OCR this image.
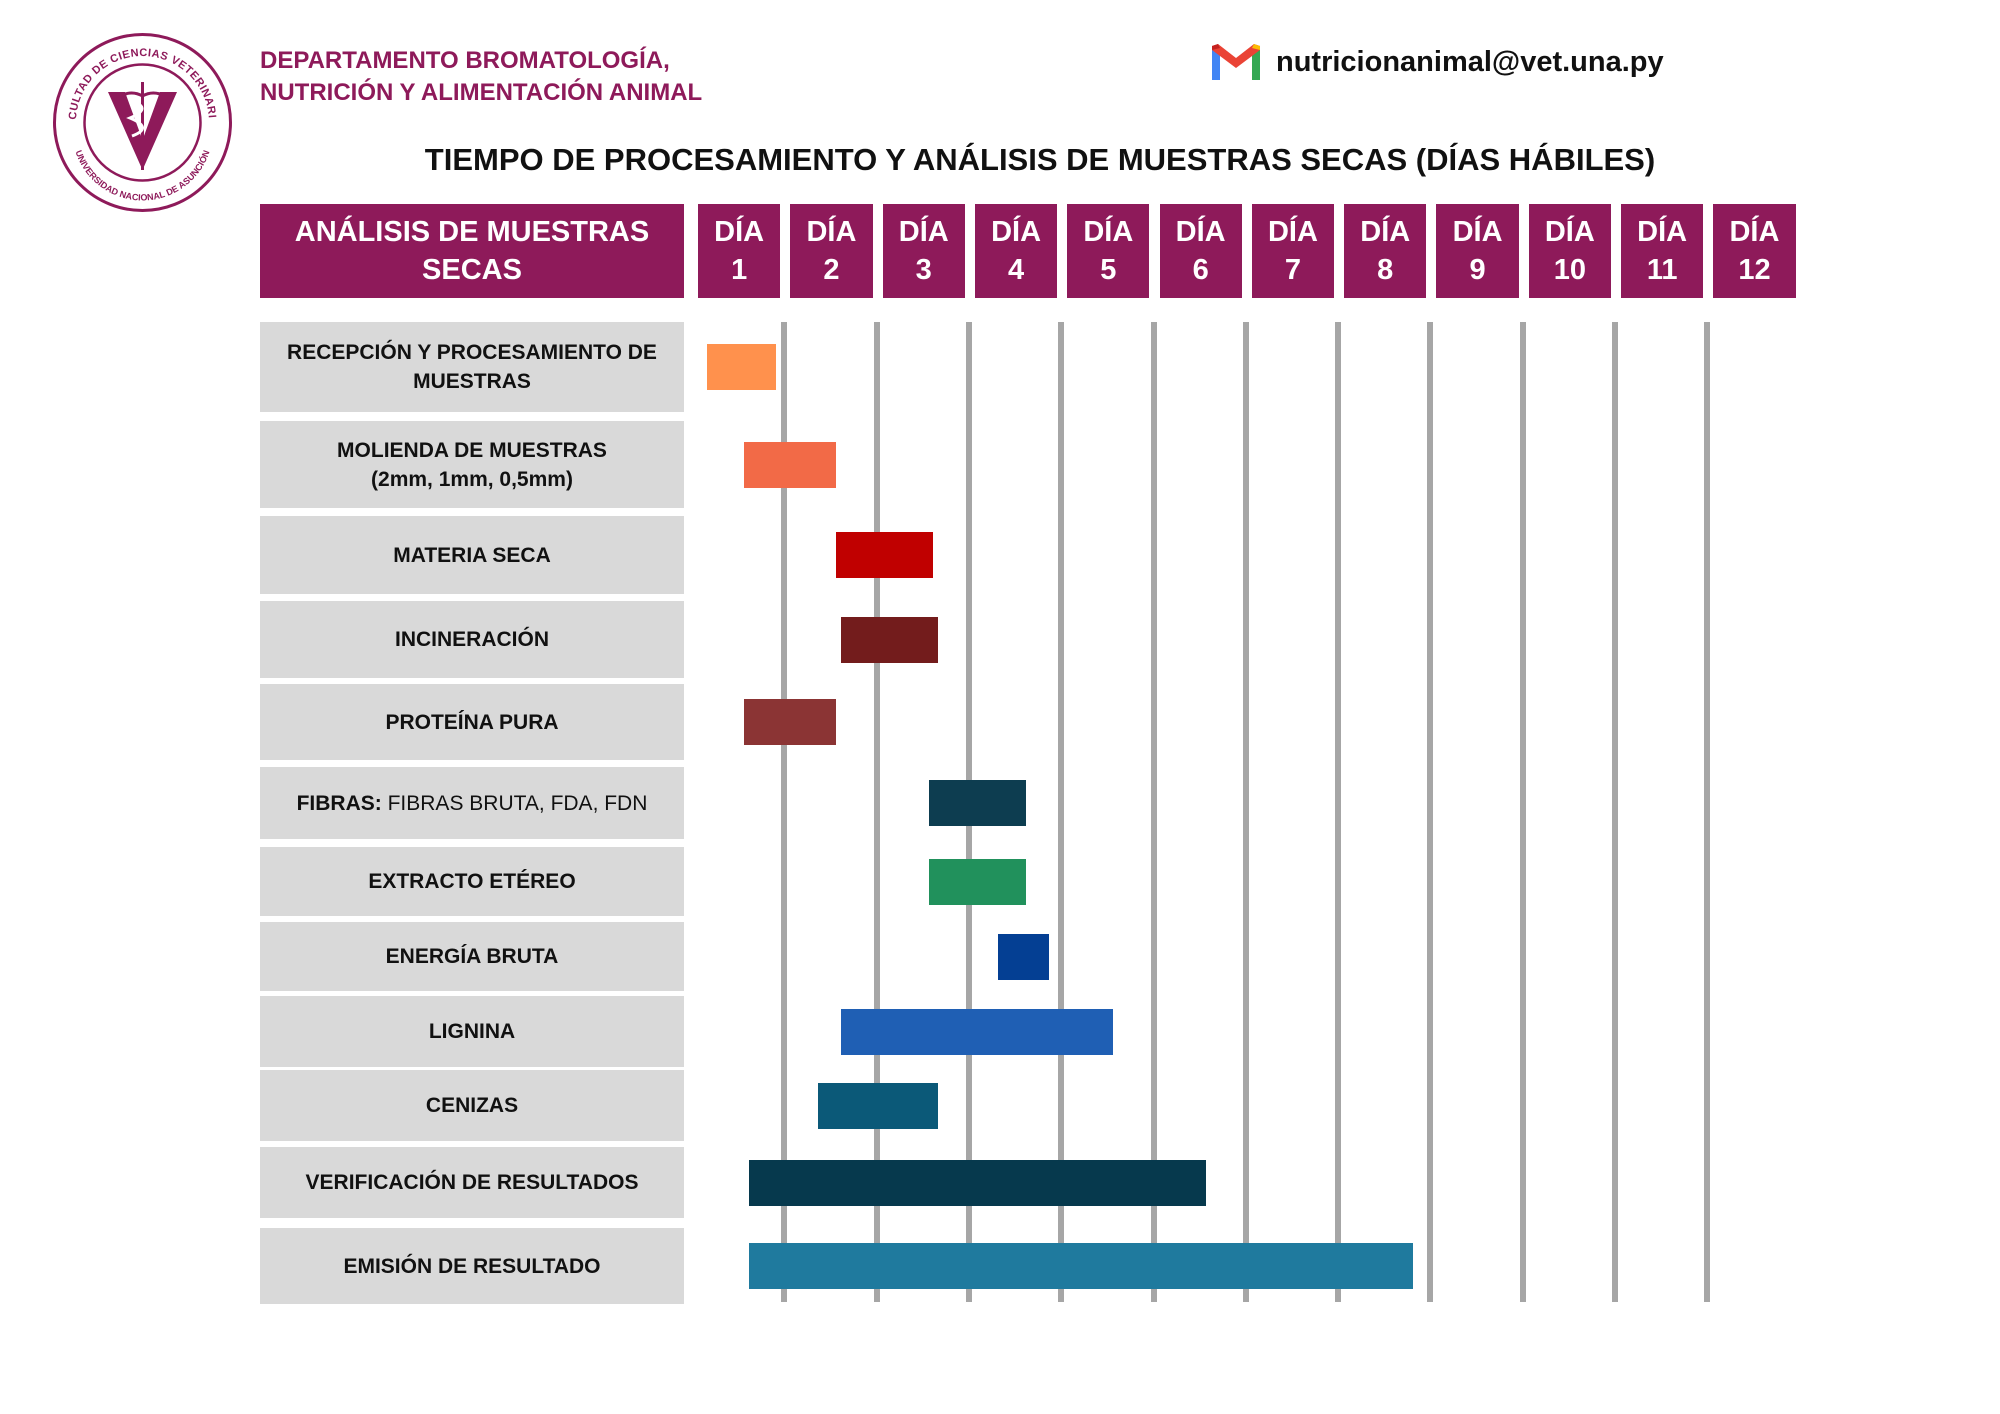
CULTAD DE CIENCIAS VETERINARI
UNIVERSIDAD NACIONAL DE ASUNCIÓN
DEPARTAMENTO BROMATOLOGÍA,
NUTRICIÓN Y ALIMENTACIÓN ANIMAL
nutricionanimal@vet.una.py
TIEMPO DE PROCESAMIENTO Y ANÁLISIS DE MUESTRAS SECAS (DÍAS HÁBILES)
ANÁLISIS DE MUESTRAS
SECAS
DÍA
1
DÍA
2
DÍA
3
DÍA
4
DÍA
5
DÍA
6
DÍA
7
DÍA
8
DÍA
9
DÍA
10
DÍA
11
DÍA
12
RECEPCIÓN Y PROCESAMIENTO DE MUESTRAS
MOLIENDA DE MUESTRAS
(2mm, 1mm, 0,5mm)
MATERIA SECA
INCINERACIÓN
PROTEÍNA PURA
FIBRAS: FIBRAS BRUTA, FDA, FDN
EXTRACTO ETÉREO
ENERGÍA BRUTA
LIGNINA
CENIZAS
VERIFICACIÓN DE RESULTADOS
EMISIÓN DE RESULTADO
